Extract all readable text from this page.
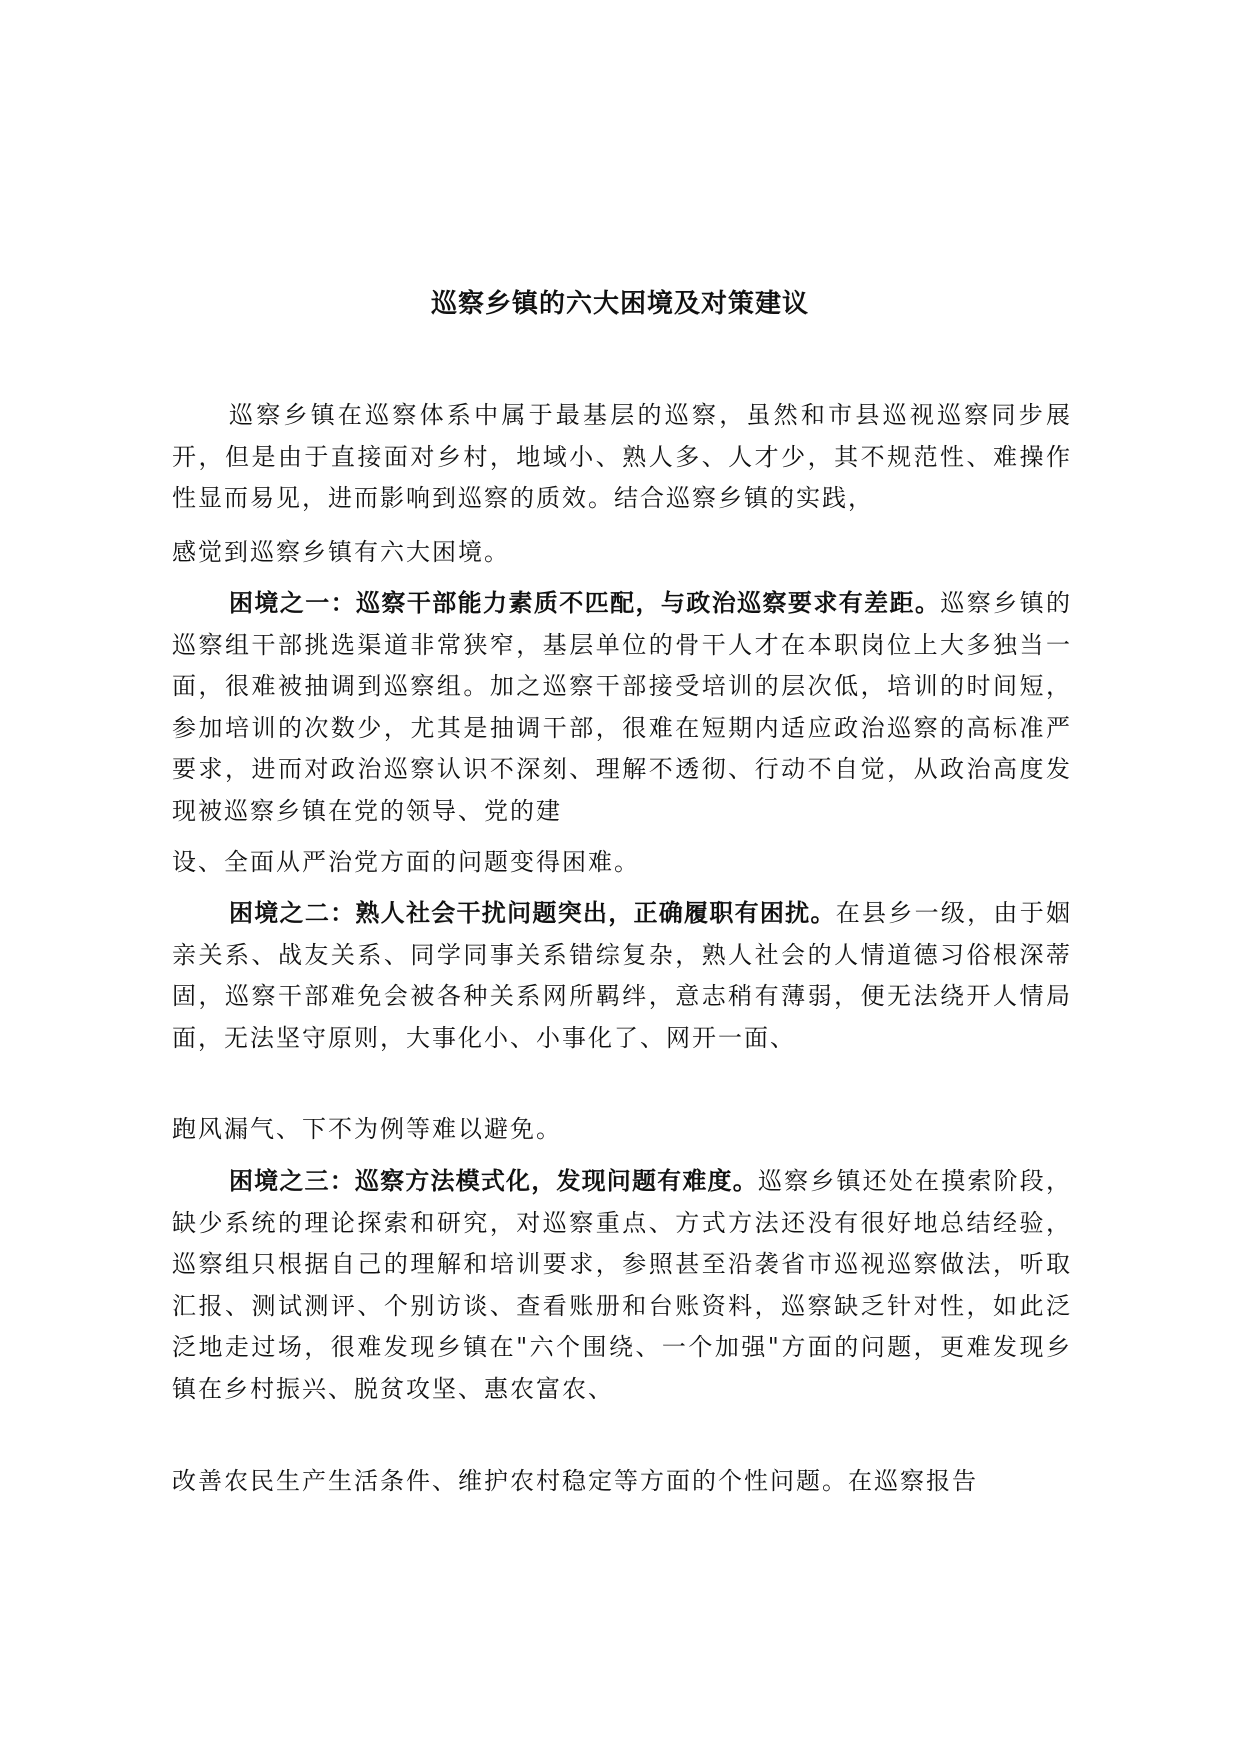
巡察乡镇的六大困境及对策建议

巡察乡镇在巡察体系中属于最基层的巡察，虽然和市县巡视巡察同步展开，但是由于直接面对乡村，地域小、熟人多、人才少，其不规范性、难操作性显而易见，进而影响到巡察的质效。结合巡察乡镇的实践，

感觉到巡察乡镇有六大困境。

困境之一：巡察干部能力素质不匹配，与政治巡察要求有差距。巡察乡镇的巡察组干部挑选渠道非常狭窄，基层单位的骨干人才在本职岗位上大多独当一面，很难被抽调到巡察组。加之巡察干部接受培训的层次低，培训的时间短，参加培训的次数少，尤其是抽调干部，很难在短期内适应政治巡察的高标准严要求，进而对政治巡察认识不深刻、理解不透彻、行动不自觉，从政治高度发现被巡察乡镇在党的领导、党的建

设、全面从严治党方面的问题变得困难。

困境之二：熟人社会干扰问题突出，正确履职有困扰。在县乡一级，由于姻亲关系、战友关系、同学同事关系错综复杂，熟人社会的人情道德习俗根深蒂固，巡察干部难免会被各种关系网所羁绊，意志稍有薄弱，便无法绕开人情局面，无法坚守原则，大事化小、小事化了、网开一面、

跑风漏气、下不为例等难以避免。

困境之三：巡察方法模式化，发现问题有难度。巡察乡镇还处在摸索阶段，缺少系统的理论探索和研究，对巡察重点、方式方法还没有很好地总结经验，巡察组只根据自己的理解和培训要求，参照甚至沿袭省市巡视巡察做法，听取汇报、测试测评、个别访谈、查看账册和台账资料，巡察缺乏针对性，如此泛泛地走过场，很难发现乡镇在"六个围绕、一个加强"方面的问题，更难发现乡镇在乡村振兴、脱贫攻坚、惠农富农、

改善农民生产生活条件、维护农村稳定等方面的个性问题。在巡察报告
